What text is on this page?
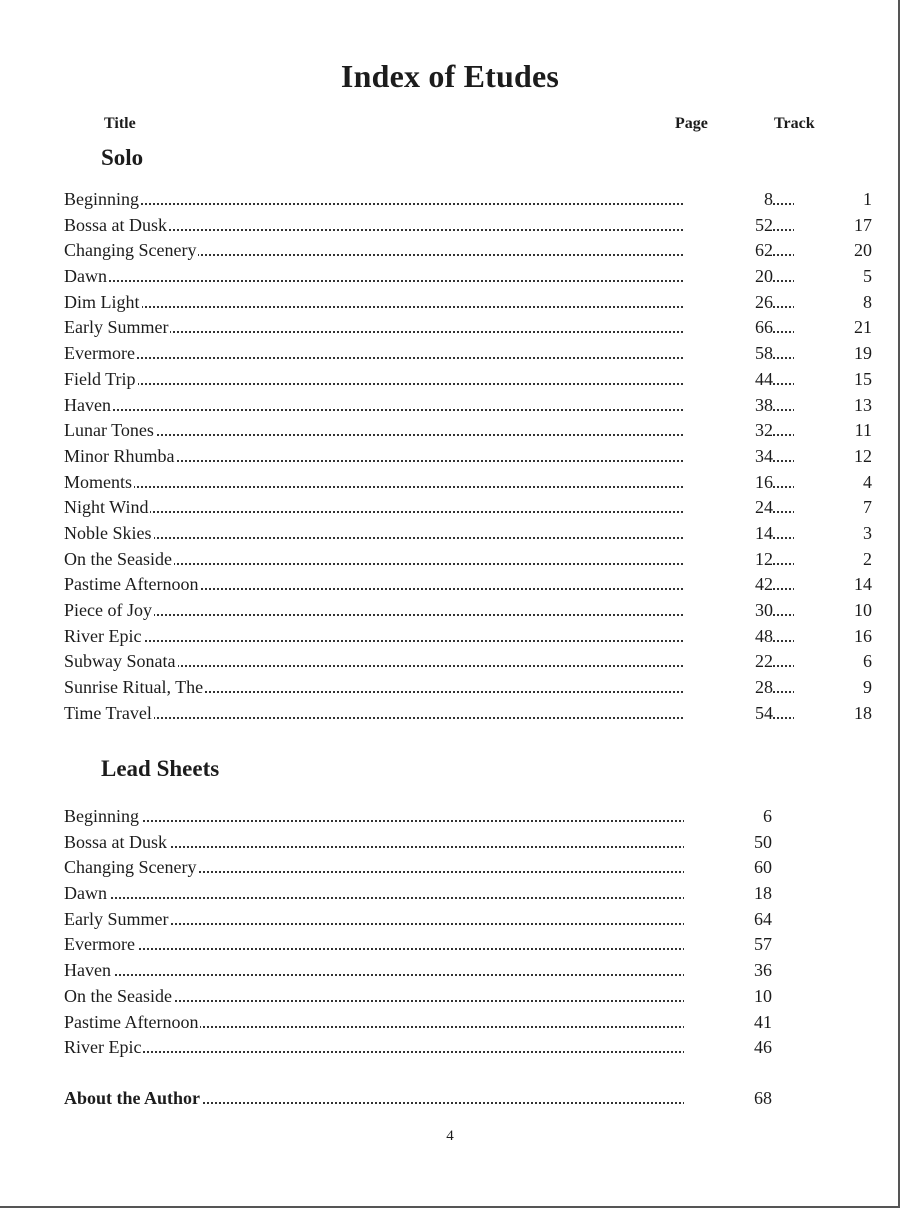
Index of Etudes
Title	Page	Track
Solo
Beginning	8	1
Bossa at Dusk	52	17
Changing Scenery	62	20
Dawn	20	5
Dim Light	26	8
Early Summer	66	21
Evermore	58	19
Field Trip	44	15
Haven	38	13
Lunar Tones	32	11
Minor Rhumba	34	12
Moments	16	4
Night Wind	24	7
Noble Skies	14	3
On the Seaside	12	2
Pastime Afternoon	42	14
Piece of Joy	30	10
River Epic	48	16
Subway Sonata	22	6
Sunrise Ritual, The	28	9
Time Travel	54	18
Lead Sheets
Beginning	6
Bossa at Dusk	50
Changing Scenery	60
Dawn	18
Early Summer	64
Evermore	57
Haven	36
On the Seaside	10
Pastime Afternoon	41
River Epic	46
About the Author	68
4
